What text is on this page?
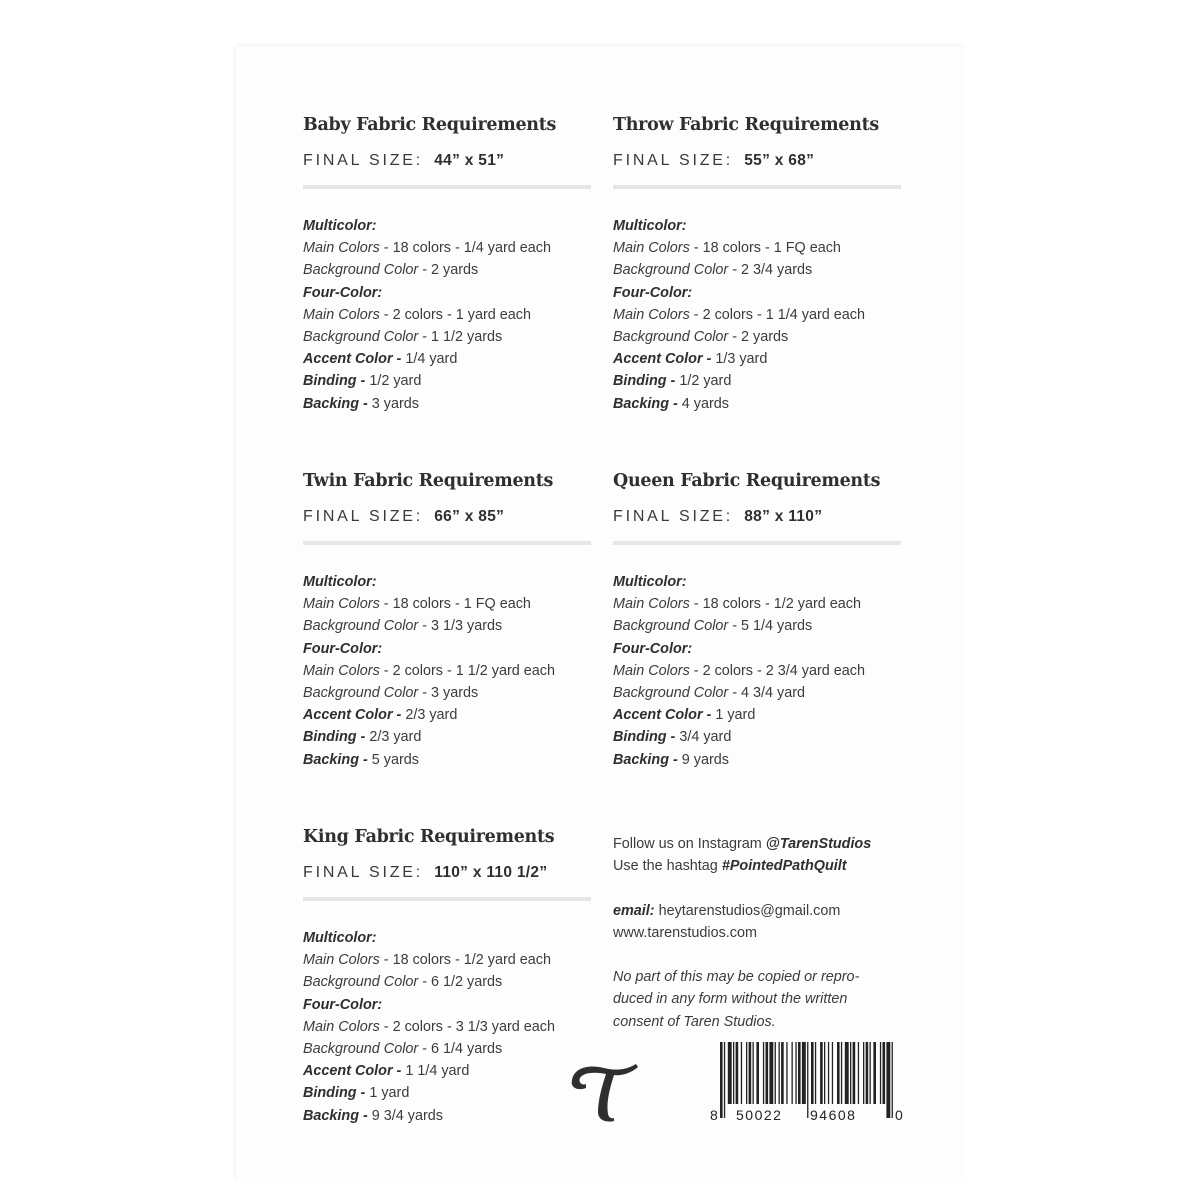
Baby Fabric Requirements
FINAL SIZE: 44” x 51”
Multicolor:
Main Colors - 18 colors - 1/4 yard each
Background Color - 2 yards
Four-Color:
Main Colors - 2 colors - 1 yard each
Background Color - 1 1/2 yards
Accent Color - 1/4 yard
Binding - 1/2 yard
Backing - 3 yards
Throw Fabric Requirements
FINAL SIZE: 55” x 68”
Multicolor:
Main Colors - 18 colors - 1 FQ each
Background Color - 2 3/4 yards
Four-Color:
Main Colors - 2 colors - 1 1/4 yard each
Background Color - 2 yards
Accent Color - 1/3 yard
Binding - 1/2 yard
Backing - 4 yards
Twin Fabric Requirements
FINAL SIZE: 66” x 85”
Multicolor:
Main Colors - 18 colors - 1 FQ each
Background Color - 3 1/3 yards
Four-Color:
Main Colors - 2 colors - 1 1/2 yard each
Background Color - 3 yards
Accent Color - 2/3 yard
Binding - 2/3 yard
Backing - 5 yards
Queen Fabric Requirements
FINAL SIZE: 88” x 110”
Multicolor:
Main Colors - 18 colors - 1/2 yard each
Background Color - 5 1/4 yards
Four-Color:
Main Colors - 2 colors - 2 3/4 yard each
Background Color - 4 3/4 yard
Accent Color - 1 yard
Binding - 3/4 yard
Backing - 9 yards
King Fabric Requirements
FINAL SIZE: 110” x 110 1/2”
Multicolor:
Main Colors - 18 colors - 1/2 yard each
Background Color - 6 1/2 yards
Four-Color:
Main Colors - 2 colors - 3 1/3 yard each
Background Color - 6 1/4 yards
Accent Color - 1 1/4 yard
Binding - 1 yard
Backing - 9 3/4 yards
Follow us on Instagram @TarenStudios
Use the hashtag #PointedPathQuilt
email: heytarenstudios@gmail.com
www.tarenstudios.com
No part of this may be copied or repro-
duced in any form without the written
consent of Taren Studios.
8 50022 94608	0
